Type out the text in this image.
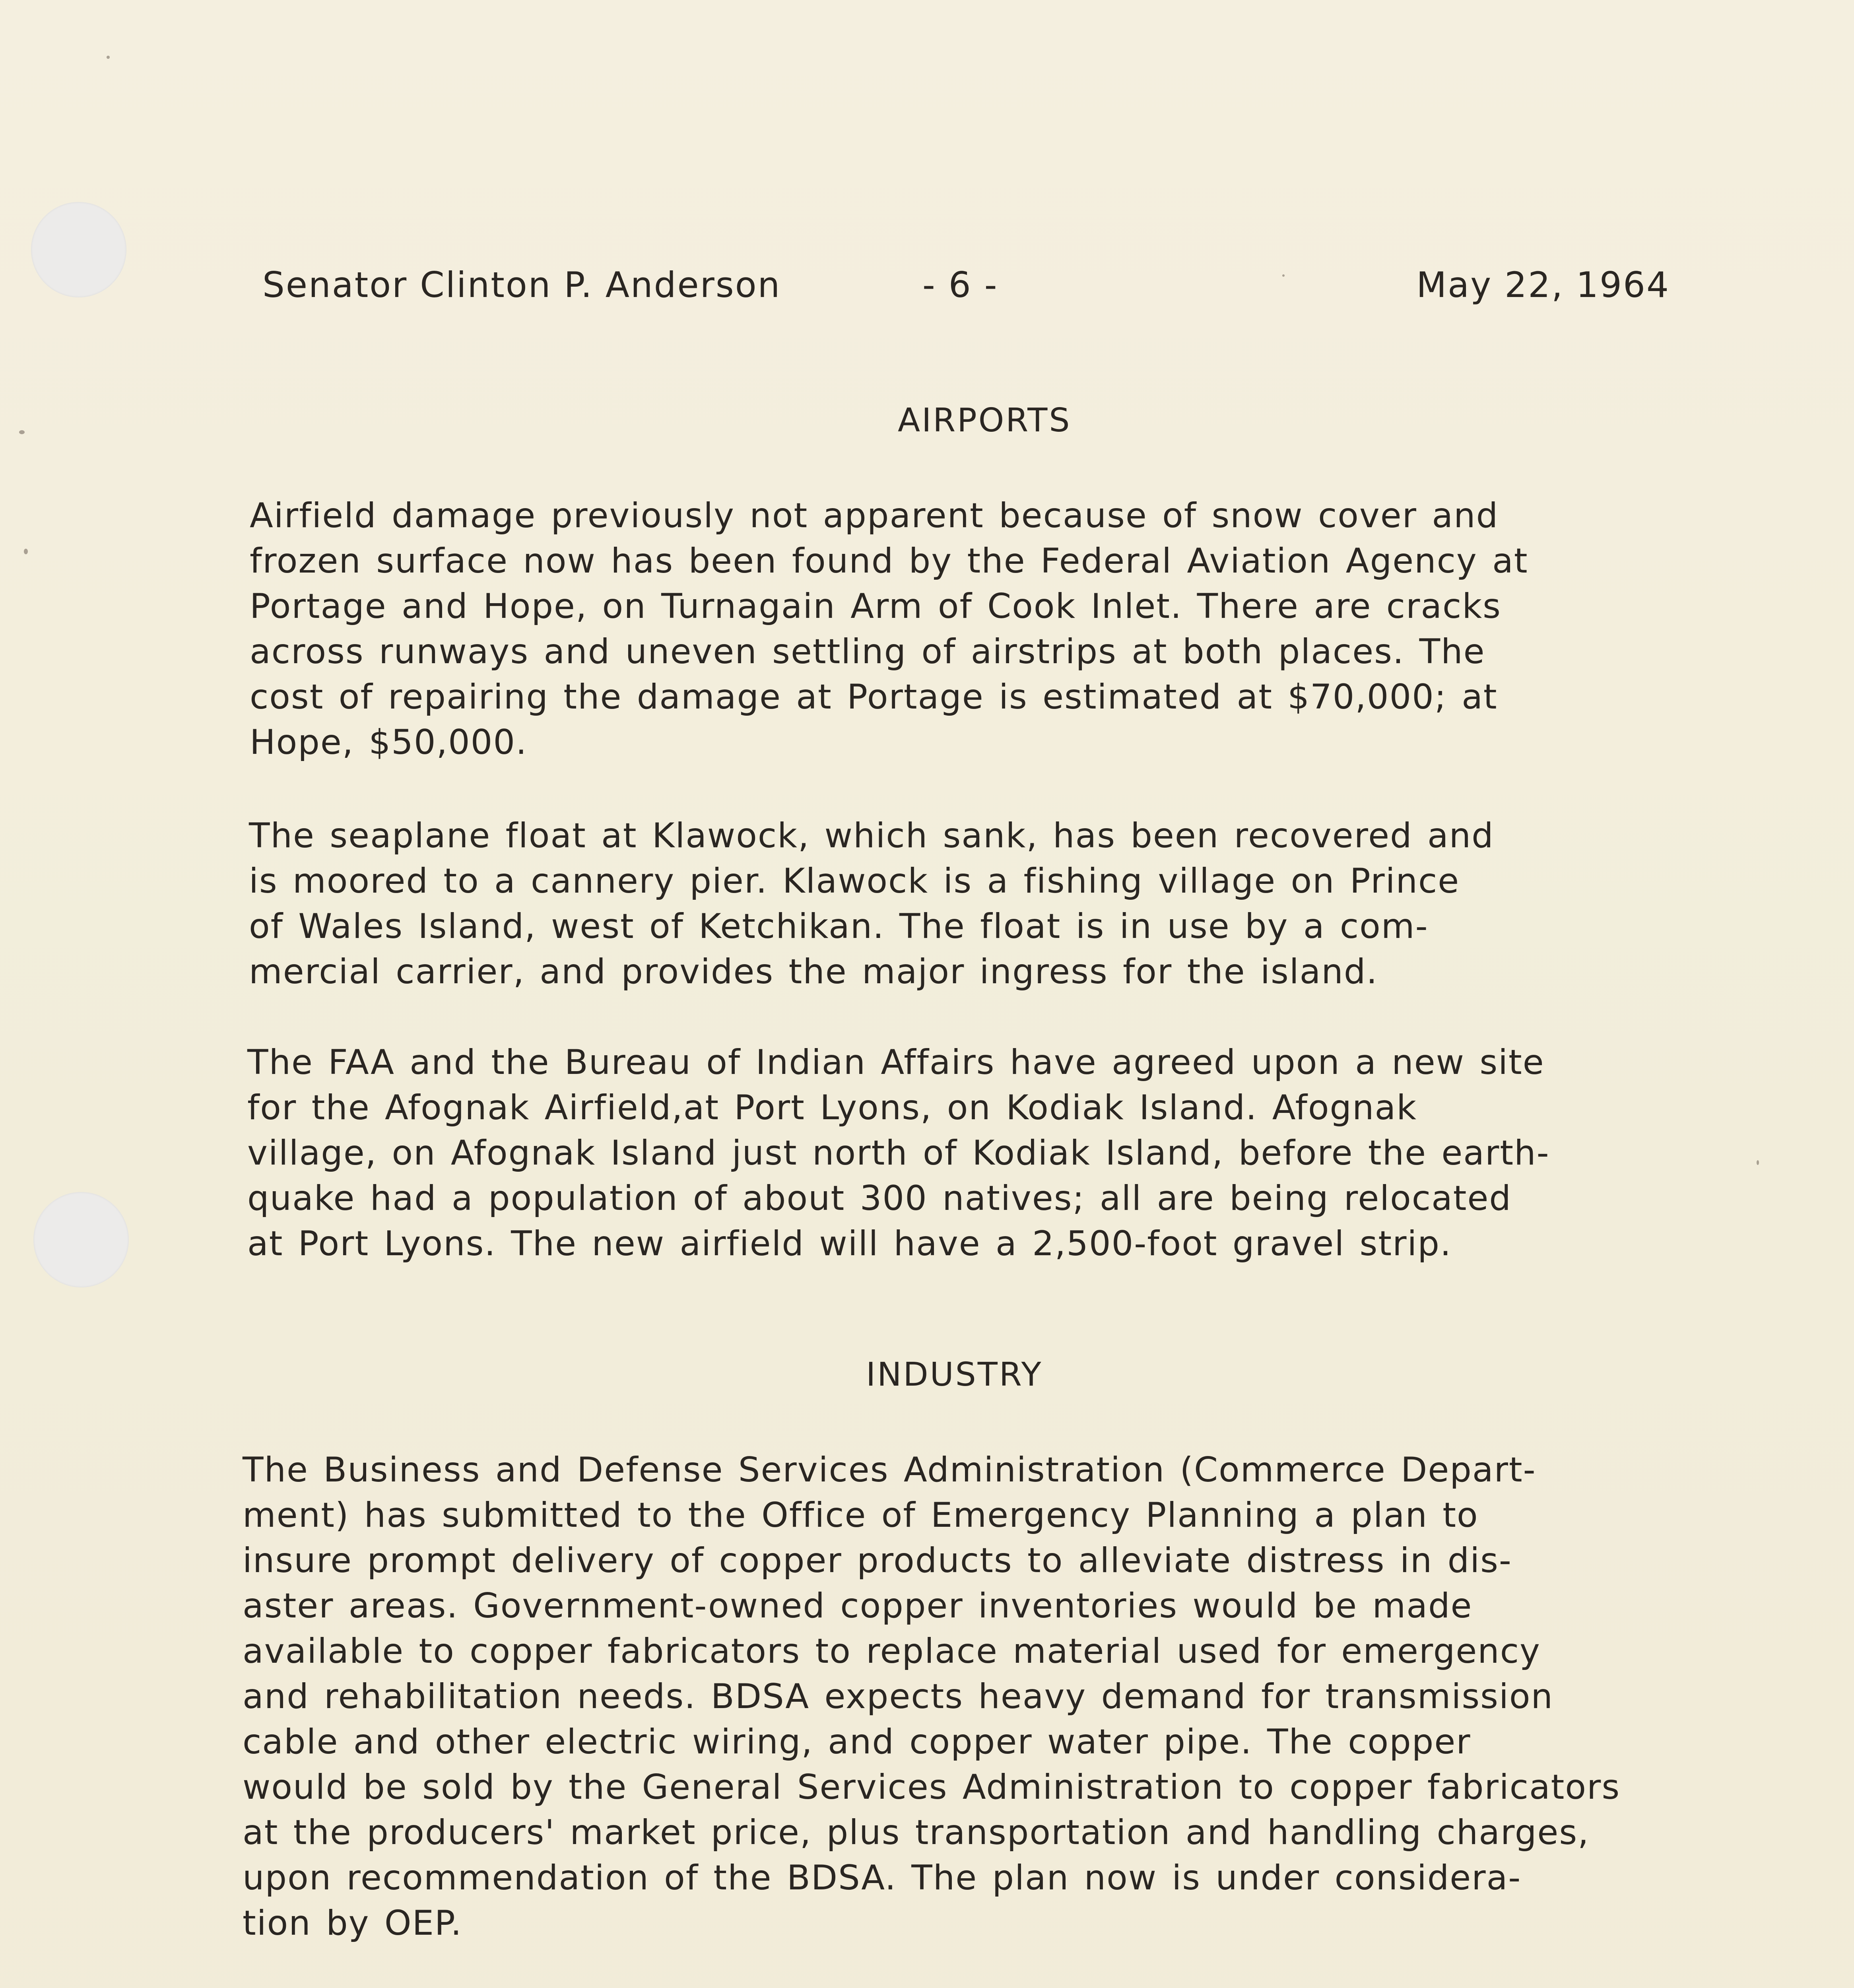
Senator Clinton P. Anderson	- 6 -	May 22, 1964
AIRPORTS
Airfield damage previously not apparent because of snow cover and
frozen surface now has been found by the Federal Aviation Agency at
Portage and Hope, on Turnagain Arm of Cook Inlet. There are cracks
across runways and uneven settling of airstrips at both places. The
cost of repairing the damage at Portage is estimated at $70,000; at
Hope, $50,000.
The seaplane float at Klawock, which sank, has been recovered and
is moored to a cannery pier. Klawock is a fishing village on Prince
of Wales Island, west of Ketchikan. The float is in use by a com-
mercial carrier, and provides the major ingress for the island.
The FAA and the Bureau of Indian Affairs have agreed upon a new site
for the Afognak Airfield,at Port Lyons, on Kodiak Island. Afognak
village, on Afognak Island just north of Kodiak Island, before the earth-
quake had a population of about 300 natives; all are being relocated
at Port Lyons. The new airfield will have a 2,500-foot gravel strip.
INDUSTRY
The Business and Defense Services Administration (Commerce Depart-
ment) has submitted to the Office of Emergency Planning a plan to
insure prompt delivery of copper products to alleviate distress in dis-
aster areas. Government-owned copper inventories would be made
available to copper fabricators to replace material used for emergency
and rehabilitation needs. BDSA expects heavy demand for transmission
cable and other electric wiring, and copper water pipe. The copper
would be sold by the General Services Administration to copper fabricators
at the producers' market price, plus transportation and handling charges,
upon recommendation of the BDSA. The plan now is under considera-
tion by OEP.
